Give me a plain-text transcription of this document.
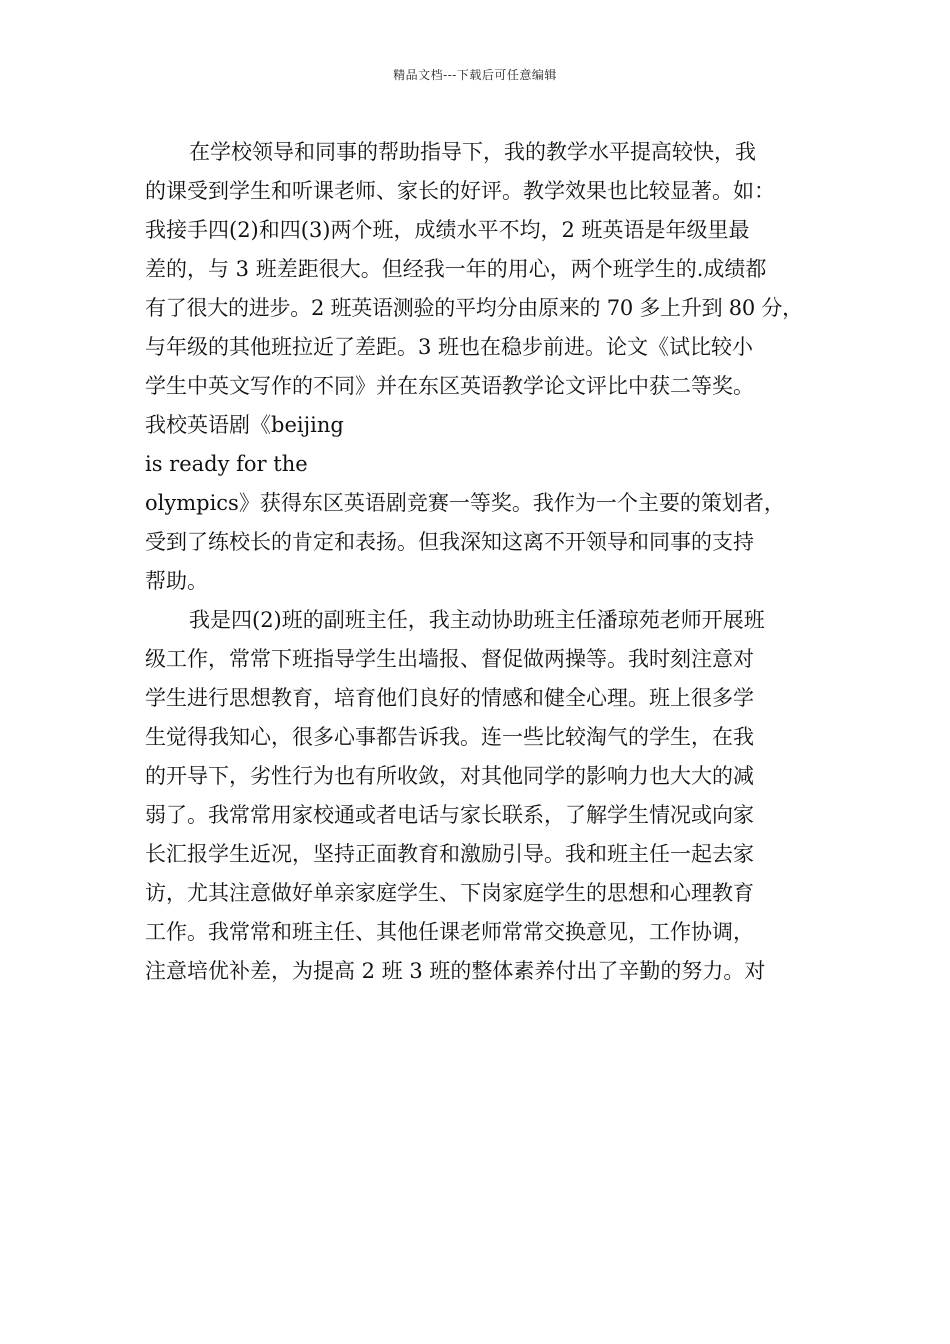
精品文档---下载后可任意编辑
在学校领导和同事的帮助指导下，我的教学水平提高较快，我
的课受到学生和听课老师、家长的好评。教学效果也比较显著。如：
我接手四(2)和四(3)两个班，成绩水平不均，2 班英语是年级里最
差的，与 3 班差距很大。但经我一年的用心，两个班学生的.成绩都
有了很大的进步。2 班英语测验的平均分由原来的 70 多上升到 80 分，
与年级的其他班拉近了差距。3 班也在稳步前进。论文《试比较小
学生中英文写作的不同》并在东区英语教学论文评比中获二等奖。
我校英语剧《beijing
is ready for the
olympics》获得东区英语剧竞赛一等奖。我作为一个主要的策划者，
受到了练校长的肯定和表扬。但我深知这离不开领导和同事的支持
帮助。
我是四(2)班的副班主任，我主动协助班主任潘琼苑老师开展班
级工作，常常下班指导学生出墙报、督促做两操等。我时刻注意对
学生进行思想教育，培育他们良好的情感和健全心理。班上很多学
生觉得我知心，很多心事都告诉我。连一些比较淘气的学生，在我
的开导下，劣性行为也有所收敛，对其他同学的影响力也大大的减
弱了。我常常用家校通或者电话与家长联系，了解学生情况或向家
长汇报学生近况，坚持正面教育和激励引导。我和班主任一起去家
访，尤其注意做好单亲家庭学生、下岗家庭学生的思想和心理教育
工作。我常常和班主任、其他任课老师常常交换意见，工作协调，
注意培优补差，为提高 2 班 3 班的整体素养付出了辛勤的努力。对
